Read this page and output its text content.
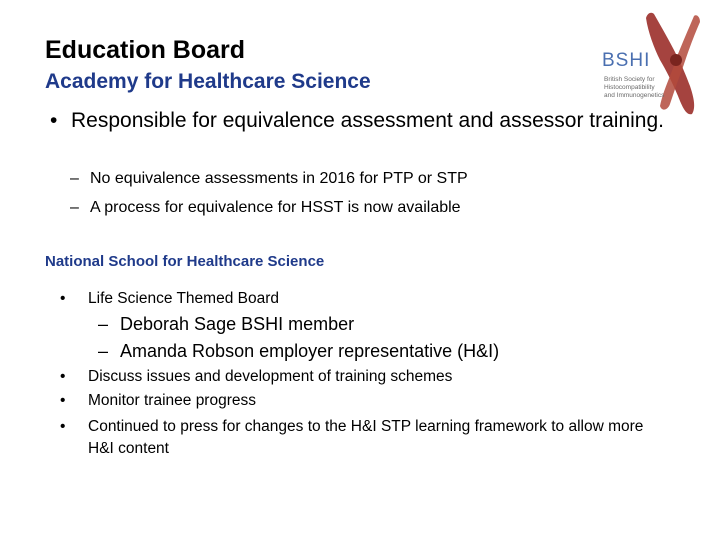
Education Board
Academy for Healthcare Science
BSHI
British Society for
Histocompatibility
and Immunogenetics
• Responsible for equivalence assessment and assessor training.
– No equivalence assessments in 2016 for PTP or STP
– A process for equivalence for HSST is now available
National School for Healthcare Science
• Life Science Themed Board
– Deborah Sage BSHI member
– Amanda Robson employer representative (H&I)
• Discuss issues and development of training schemes
• Monitor trainee progress
• Continued to press for changes to the H&I STP learning framework to allow more H&I content
